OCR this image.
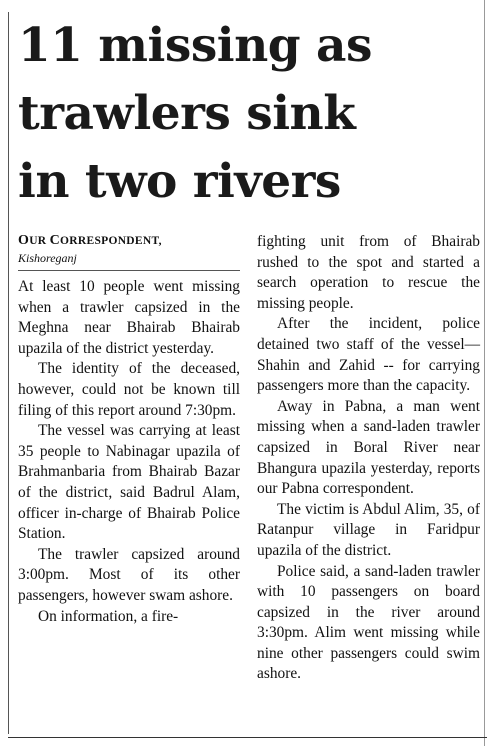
11 missing as
trawlers sink
in two rivers

OUR CORRESPONDENT,

Kishoreganj

At least 10 people went missing when a trawler capsized in the Meghna near Bhairab Bhairab upazila of the district yesterday.

The identity of the deceased, however, could not be known till filing of this report around 7:30pm.

The vessel was carrying at least 35 people to Nabinagar upazila of Brahmanbaria from Bhairab Bazar of the district, said Badrul Alam, officer in-charge of Bhairab Police Station.

The trawler capsized around 3:00pm. Most of its other passengers, however swam ashore.

On information, a fire-

fighting unit from of Bhairab rushed to the spot and started a search operation to rescue the missing people.

After the incident, police detained two staff of the vessel—Shahin and Zahid -- for carrying passengers more than the capacity.

Away in Pabna, a man went missing when a sand-laden trawler capsized in Boral River near Bhangura upazila yesterday, reports our Pabna correspondent.

The victim is Abdul Alim, 35, of Ratanpur village in Faridpur upazila of the district.

Police said, a sand-laden trawler with 10 passengers on board capsized in the river around 3:30pm. Alim went missing while nine other passengers could swim ashore.
